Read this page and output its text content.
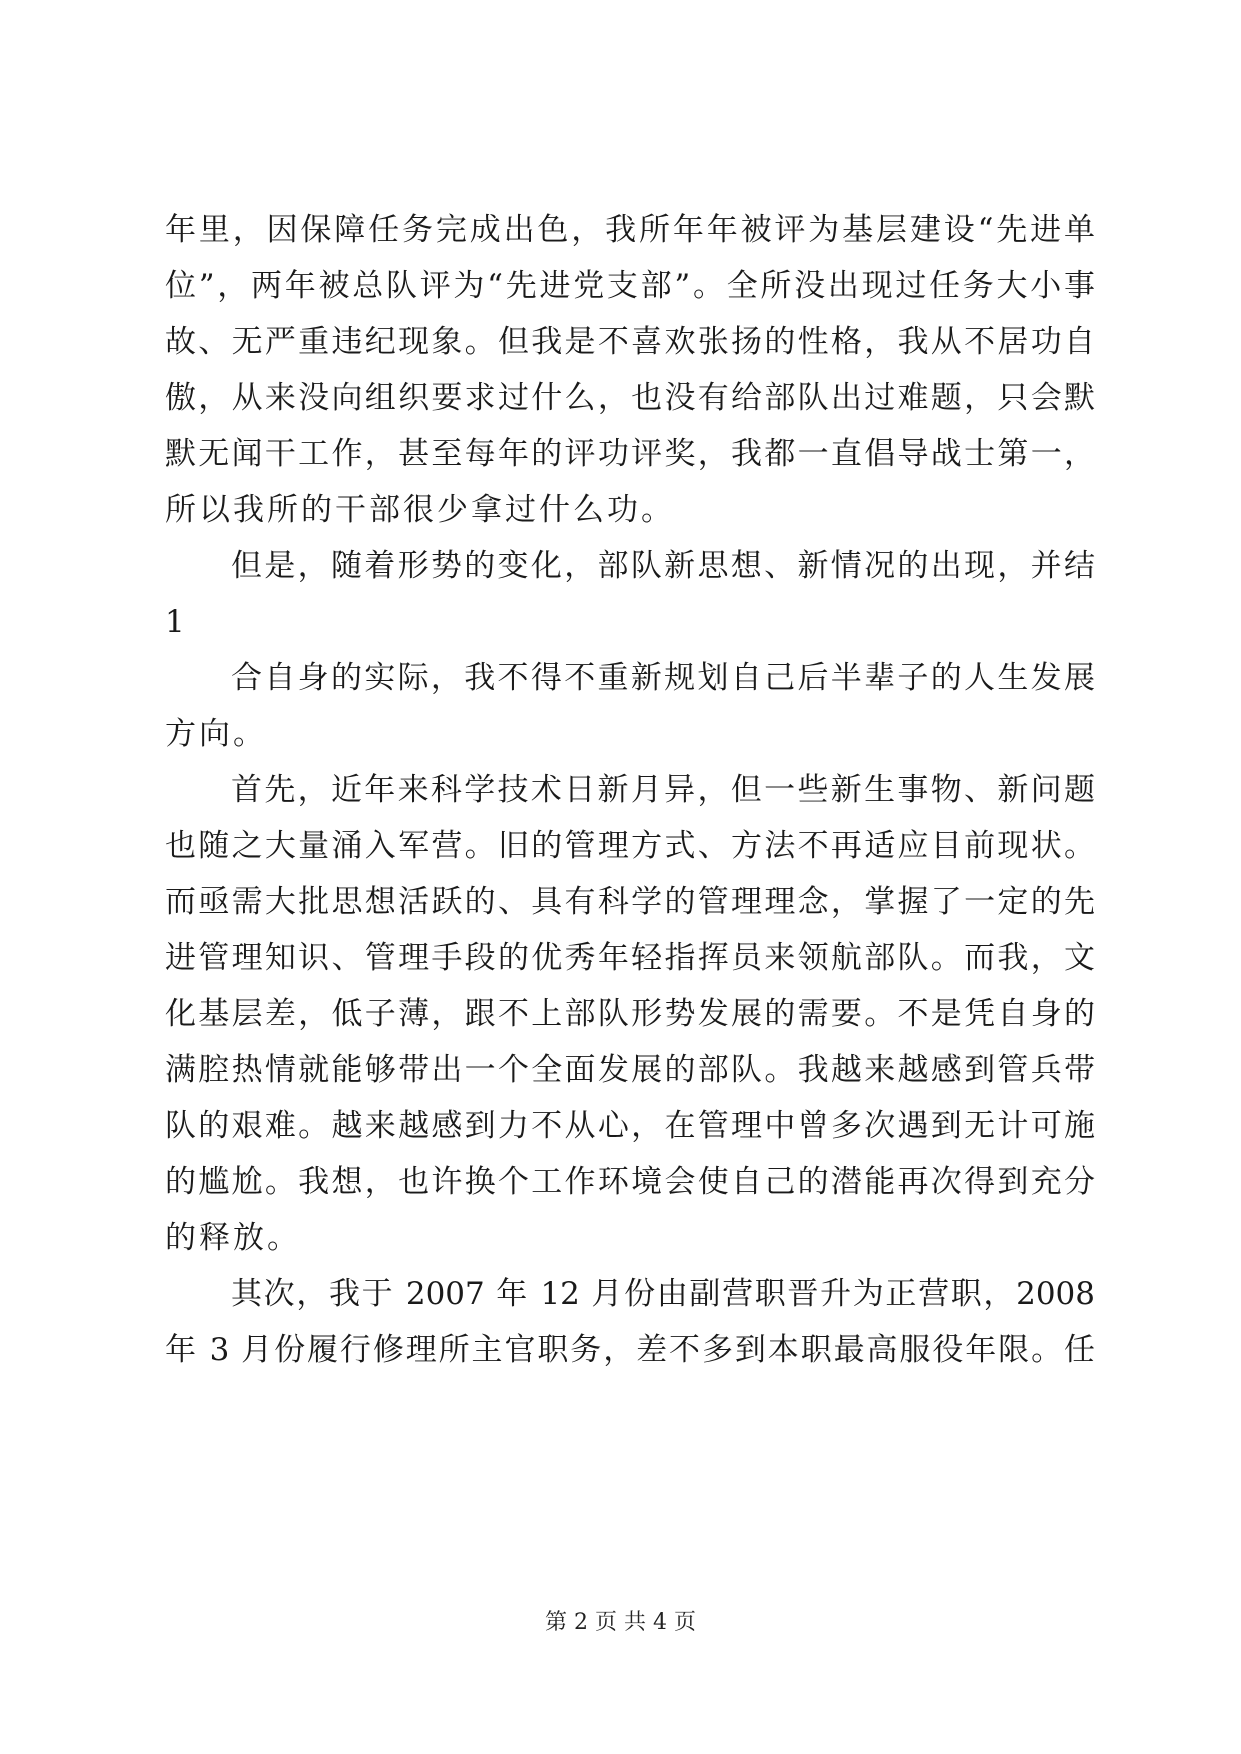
年里，因保障任务完成出色，我所年年被评为基层建设“先进单
位”，两年被总队评为“先进党支部”。全所没出现过任务大小事
故、无严重违纪现象。但我是不喜欢张扬的性格，我从不居功自
傲，从来没向组织要求过什么，也没有给部队出过难题，只会默
默无闻干工作，甚至每年的评功评奖，我都一直倡导战士第一，
所以我所的干部很少拿过什么功。
但是，随着形势的变化，部队新思想、新情况的出现，并结
1
合自身的实际，我不得不重新规划自己后半辈子的人生发展
方向。
首先，近年来科学技术日新月异，但一些新生事物、新问题
也随之大量涌入军营。旧的管理方式、方法不再适应目前现状。
而亟需大批思想活跃的、具有科学的管理理念，掌握了一定的先
进管理知识、管理手段的优秀年轻指挥员来领航部队。而我，文
化基层差，低子薄，跟不上部队形势发展的需要。不是凭自身的
满腔热情就能够带出一个全面发展的部队。我越来越感到管兵带
队的艰难。越来越感到力不从心，在管理中曾多次遇到无计可施
的尴尬。我想，也许换个工作环境会使自己的潜能再次得到充分
的释放。
其次，我于 2007 年 12 月份由副营职晋升为正营职，2008
年 3 月份履行修理所主官职务，差不多到本职最高服役年限。任
第 2 页 共 4 页
